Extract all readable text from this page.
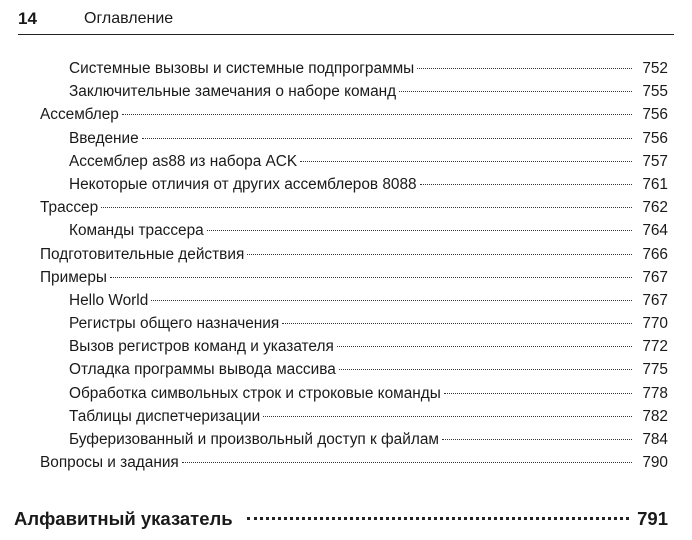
14	Оглавление
Системные вызовы и системные подпрограммы	752
Заключительные замечания о наборе команд	755
Ассемблер	756
Введение	756
Ассемблер as88 из набора ACK	757
Некоторые отличия от других ассемблеров 8088	761
Трассер	762
Команды трассера	764
Подготовительные действия	766
Примеры	767
Hello World	767
Регистры общего назначения	770
Вызов регистров команд и указателя	772
Отладка программы вывода массива	775
Обработка символьных строк и строковые команды	778
Таблицы диспетчеризации	782
Буферизованный и произвольный доступ к файлам	784
Вопросы и задания	790
Алфавитный указатель	791
